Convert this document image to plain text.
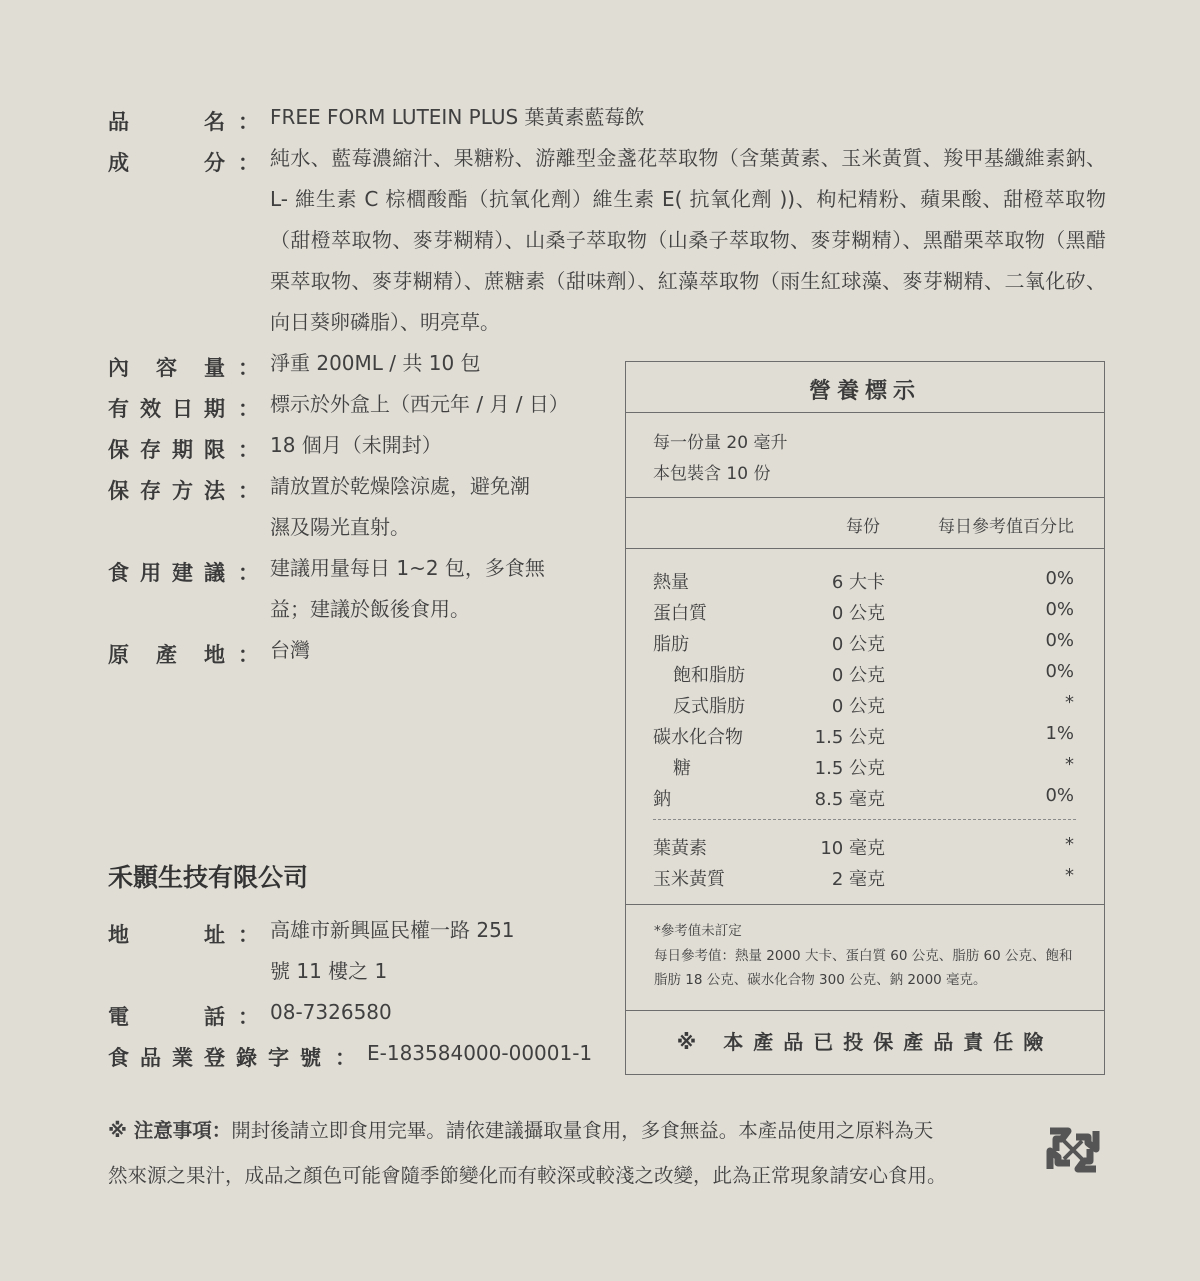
品	名 ： FREE FORM LUTEIN PLUS 葉黃素藍莓飲
成	分 ： 純水、藍莓濃縮汁、果糖粉、游離型金盞花萃取物（含葉黃素、玉米黃質、羧甲基纖維素鈉、L- 維生素 C 棕櫚酸酯（抗氧化劑）維生素 E( 抗氧化劑 ))、枸杞精粉、蘋果酸、甜橙萃取物（甜橙萃取物、麥芽糊精）、山桑子萃取物（山桑子萃取物、麥芽糊精）、黑醋栗萃取物（黑醋栗萃取物、麥芽糊精）、蔗糖素（甜味劑）、紅藻萃取物（雨生紅球藻、麥芽糊精、二氧化矽、向日葵卵磷脂）、明亮草。
內 容 量 ： 淨重 200ML / 共 10 包
有 效 日 期 ： 標示於外盒上（西元年 / 月 / 日）
保 存 期 限 ： 18 個月（未開封）
保 存 方 法 ： 請放置於乾燥陰涼處，避免潮
濕及陽光直射。
食 用 建 議 ： 建議用量每日 1~2 包，多食無
益；建議於飯後食用。
原 產 地 ： 台灣
禾顥生技有限公司
地	址 ： 高雄市新興區民權一路 251
號 11 樓之 1
電	話 ： 08-7326580
食 品 業 登 錄 字 號 ： E-183584000-00001-1
營養標示
每一份量 20 毫升
本包裝含 10 份
每份	每日參考值百分比
熱量	6 大卡	0%
蛋白質	0 公克	0%
脂肪	0 公克	0%
飽和脂肪	0 公克	0%
反式脂肪	0 公克	*
碳水化合物	1.5 公克	1%
糖	1.5 公克	*
鈉	8.5 毫克	0%
葉黃素	10 毫克	*
玉米黃質	2 毫克	*
*參考值未訂定
每日參考值：熱量 2000 大卡、蛋白質 60 公克、脂肪 60 公克、飽和脂肪 18 公克、碳水化合物 300 公克、鈉 2000 毫克。
※ 本產品已投保產品責任險
※ 注意事項：開封後請立即食用完畢。請依建議攝取量食用，多食無益。本產品使用之原料為天
然來源之果汁，成品之顏色可能會隨季節變化而有較深或較淺之改變，此為正常現象請安心食用。
